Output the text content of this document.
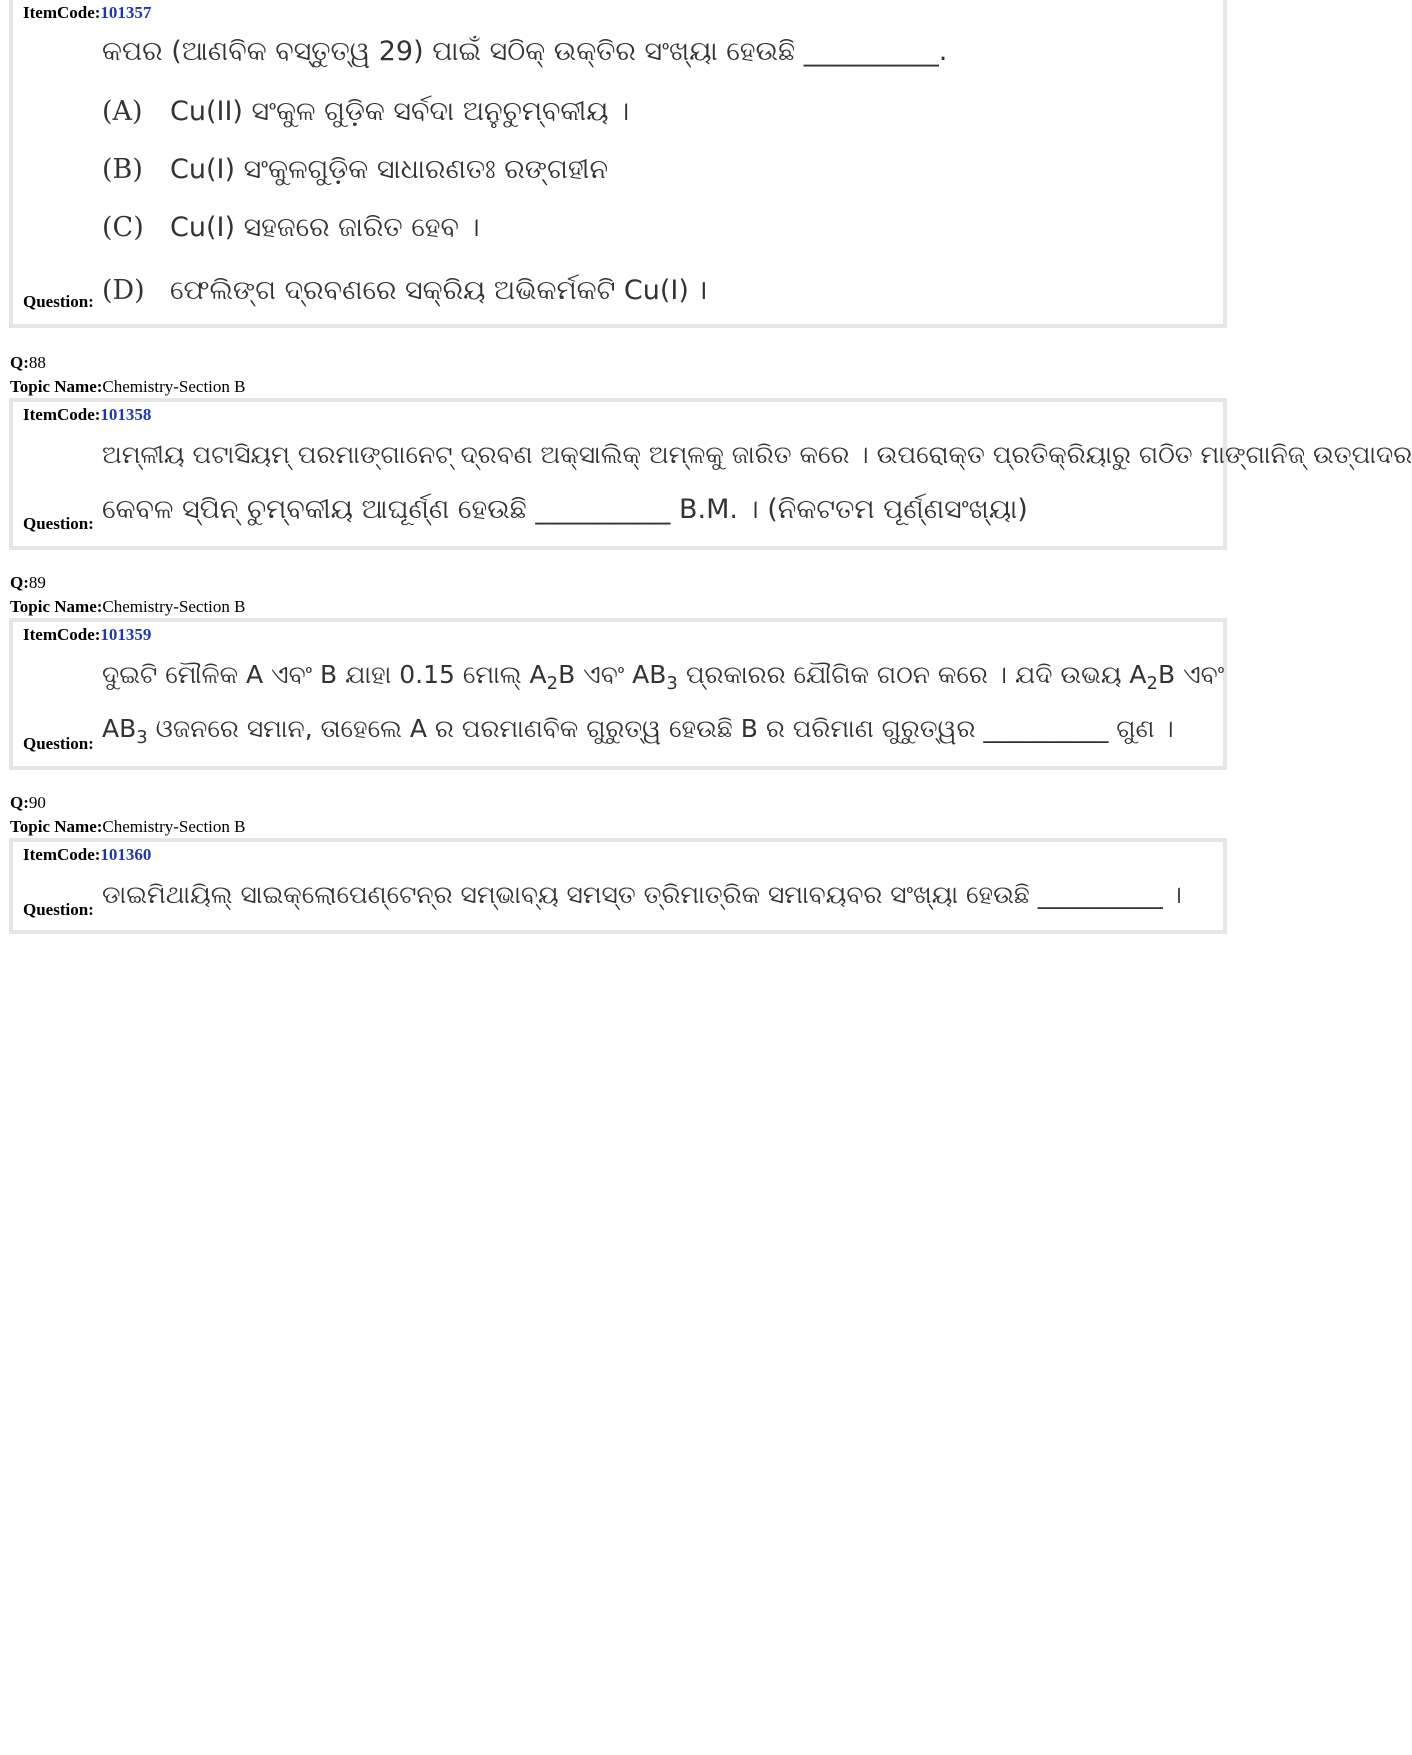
ItemCode:101357
କପର (ଆଣବିକ ବସ୍ତୁତ୍ୱ 29) ପାଇଁ ସଠିକ୍ ଉକ୍ତିର ସଂଖ୍ୟା ହେଉଛି __________.
(A) Cu(II) ସଂକୁଳ ଗୁଡ଼ିକ ସର୍ବଦା ଅନୁଚୁମ୍ବକୀୟ ।
(B) Cu(I) ସଂକୁଳଗୁଡ଼ିକ ସାଧାରଣତଃ ରଙ୍ଗହୀନ
(C) Cu(I) ସହଜରେ ଜାରିତ ହେବ ।
Question: (D) ଫେଲିଙ୍ଗ ଦ୍ରବଣରେ ସକ୍ରିୟ ଅଭିକର୍ମକଟି Cu(I) ।
Q:88
Topic Name:Chemistry-Section B
ItemCode:101358
ଅମ୍ଳୀୟ ପଟାସିୟମ୍ ପରମାଙ୍ଗାନେଟ୍ ଦ୍ରବଣ ଅକ୍ସାଲିକ୍ ଅମ୍ଳକୁ ଜାରିତ କରେ । ଉପରୋକ୍ତ ପ୍ରତିକ୍ରିୟାରୁ ଗଠିତ ମାଙ୍ଗାନିଜ୍ ଉତ୍ପାଦର
କେବଳ ସ୍ପିନ୍ ଚୁମ୍ବକୀୟ ଆଘୂର୍ଣ୍ଣ ହେଉଛି __________ B.M. । (ନିକଟତମ ପୂର୍ଣ୍ଣସଂଖ୍ୟା)
Question:
Q:89
Topic Name:Chemistry-Section B
ItemCode:101359
ଦୁଇଟି ମୌଳିକ A ଏବଂ B ଯାହା 0.15 ମୋଲ୍ $A_2B$ ଏବଂ $AB_3$ ପ୍ରକାରର ଯୌଗିକ ଗଠନ କରେ । ଯଦି ଉଭୟ $A_2B$ ଏବଂ
$AB_3$ ଓଜନରେ ସମାନ, ତାହେଲେ A ର ପରମାଣବିକ ଗୁରୁତ୍ୱ ହେଉଛି B ର ପରିମାଣ ଗୁରୁତ୍ୱର __________ ଗୁଣ ।
Question:
Q:90
Topic Name:Chemistry-Section B
ItemCode:101360
ଡାଇମିଥାୟିଲ୍ ସାଇକ୍ଲୋପେଣ୍ଟେନ୍‌ର ସମ୍ଭାବ୍ୟ ସମସ୍ତ ତ୍ରିମାତ୍ରିକ ସମାବୟବର ସଂଖ୍ୟା ହେଉଛି __________ ।
Question:
